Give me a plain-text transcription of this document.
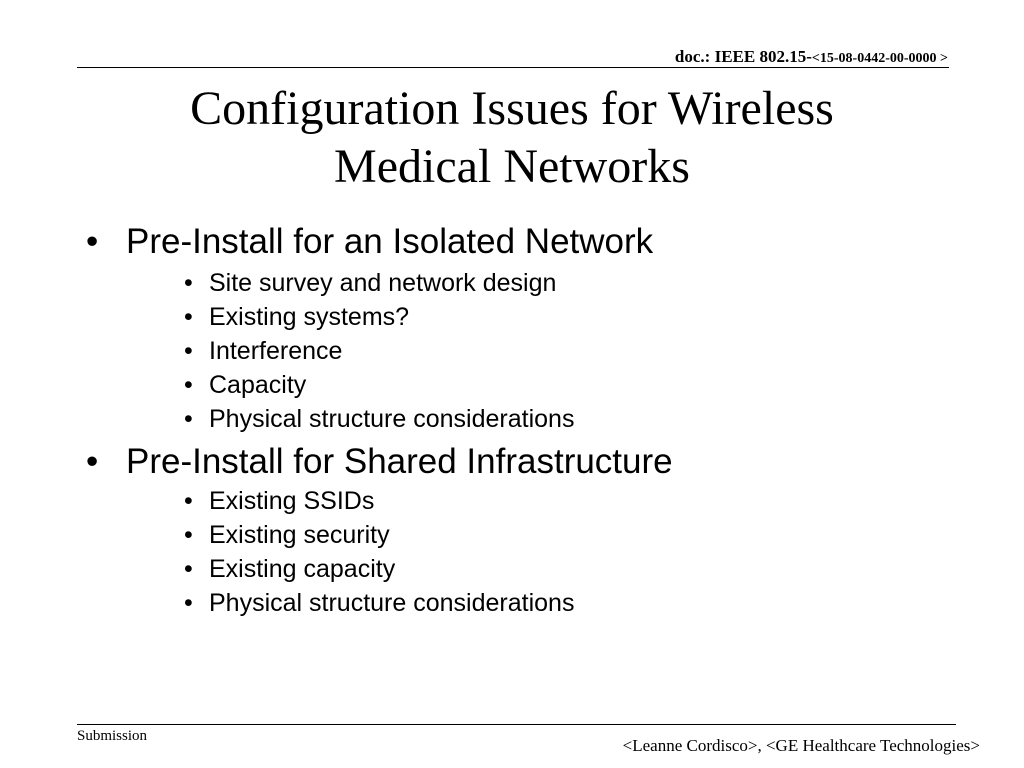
doc.: IEEE 802.15-<15-08-0442-00-0000 >
Configuration Issues for Wireless
Medical Networks
• Pre-Install for an Isolated Network
• Site survey and network design
• Existing systems?
• Interference
• Capacity
• Physical structure considerations
• Pre-Install for Shared Infrastructure
• Existing SSIDs
• Existing security
• Existing capacity
• Physical structure considerations
Submission	<Leanne Cordisco>, <GE Healthcare Technologies>
